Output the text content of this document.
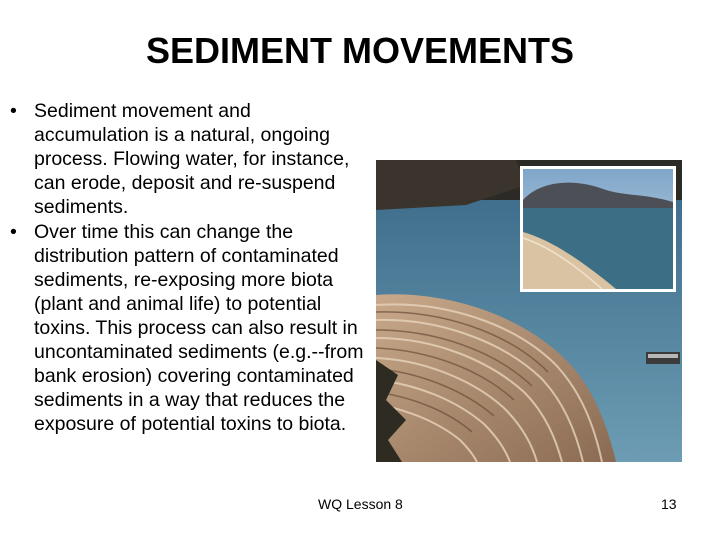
SEDIMENT MOVEMENTS
• Sediment movement and accumulation is a natural, ongoing process. Flowing water, for instance, can erode, deposit and re-suspend sediments.
• Over time this can change the distribution pattern of contaminated sediments, re-exposing more biota (plant and animal life) to potential toxins. This process can also result in uncontaminated sediments (e.g.--from bank erosion) covering contaminated sediments in a way that reduces the exposure of potential toxins to biota.
WQ Lesson 8	13
